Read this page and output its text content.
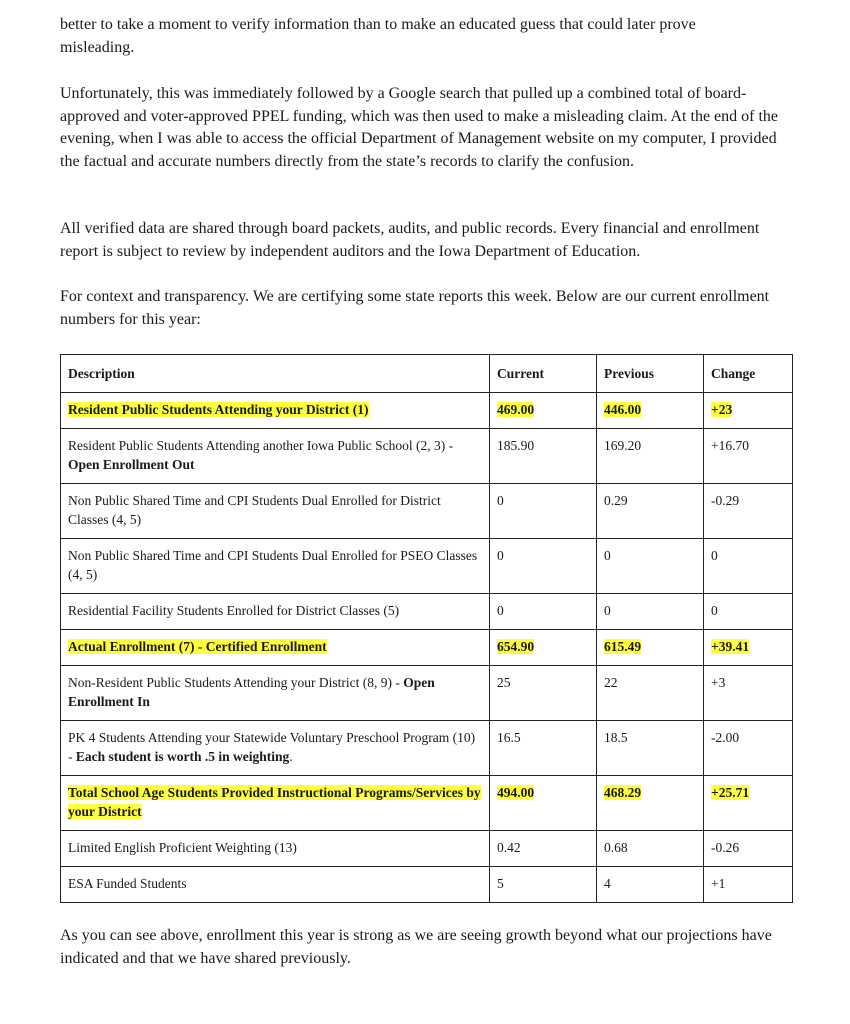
better to take a moment to verify information than to make an educated guess that could later prove misleading.

Unfortunately, this was immediately followed by a Google search that pulled up a combined total of board-approved and voter-approved PPEL funding, which was then used to make a misleading claim. At the end of the evening, when I was able to access the official Department of Management website on my computer, I provided the factual and accurate numbers directly from the state’s records to clarify the confusion.

All verified data are shared through board packets, audits, and public records. Every financial and enrollment report is subject to review by independent auditors and the Iowa Department of Education.

For context and transparency. We are certifying some state reports this week. Below are our current enrollment numbers for this year:

Description	Current	Previous	Change
Resident Public Students Attending your District (1)	469.00	446.00	+23
Resident Public Students Attending another Iowa Public School (2, 3) -
Open Enrollment Out	185.90	169.20	+16.70
Non Public Shared Time and CPI Students Dual Enrolled for District Classes (4, 5)	0	0.29	-0.29
Non Public Shared Time and CPI Students Dual Enrolled for PSEO Classes (4, 5)	0	0	0
Residential Facility Students Enrolled for District Classes (5)	0	0	0
Actual Enrollment (7) - Certified Enrollment	654.90	615.49	+39.41
Non-Resident Public Students Attending your District (8, 9) - Open Enrollment In	25	22	+3
PK 4 Students Attending your Statewide Voluntary Preschool Program (10) - Each student is worth .5 in weighting.	16.5	18.5	-2.00
Total School Age Students Provided Instructional Programs/Services by your District	494.00	468.29	+25.71
Limited English Proficient Weighting (13)	0.42	0.68	-0.26
ESA Funded Students	5	4	+1

As you can see above, enrollment this year is strong as we are seeing growth beyond what our projections have indicated and that we have shared previously.
